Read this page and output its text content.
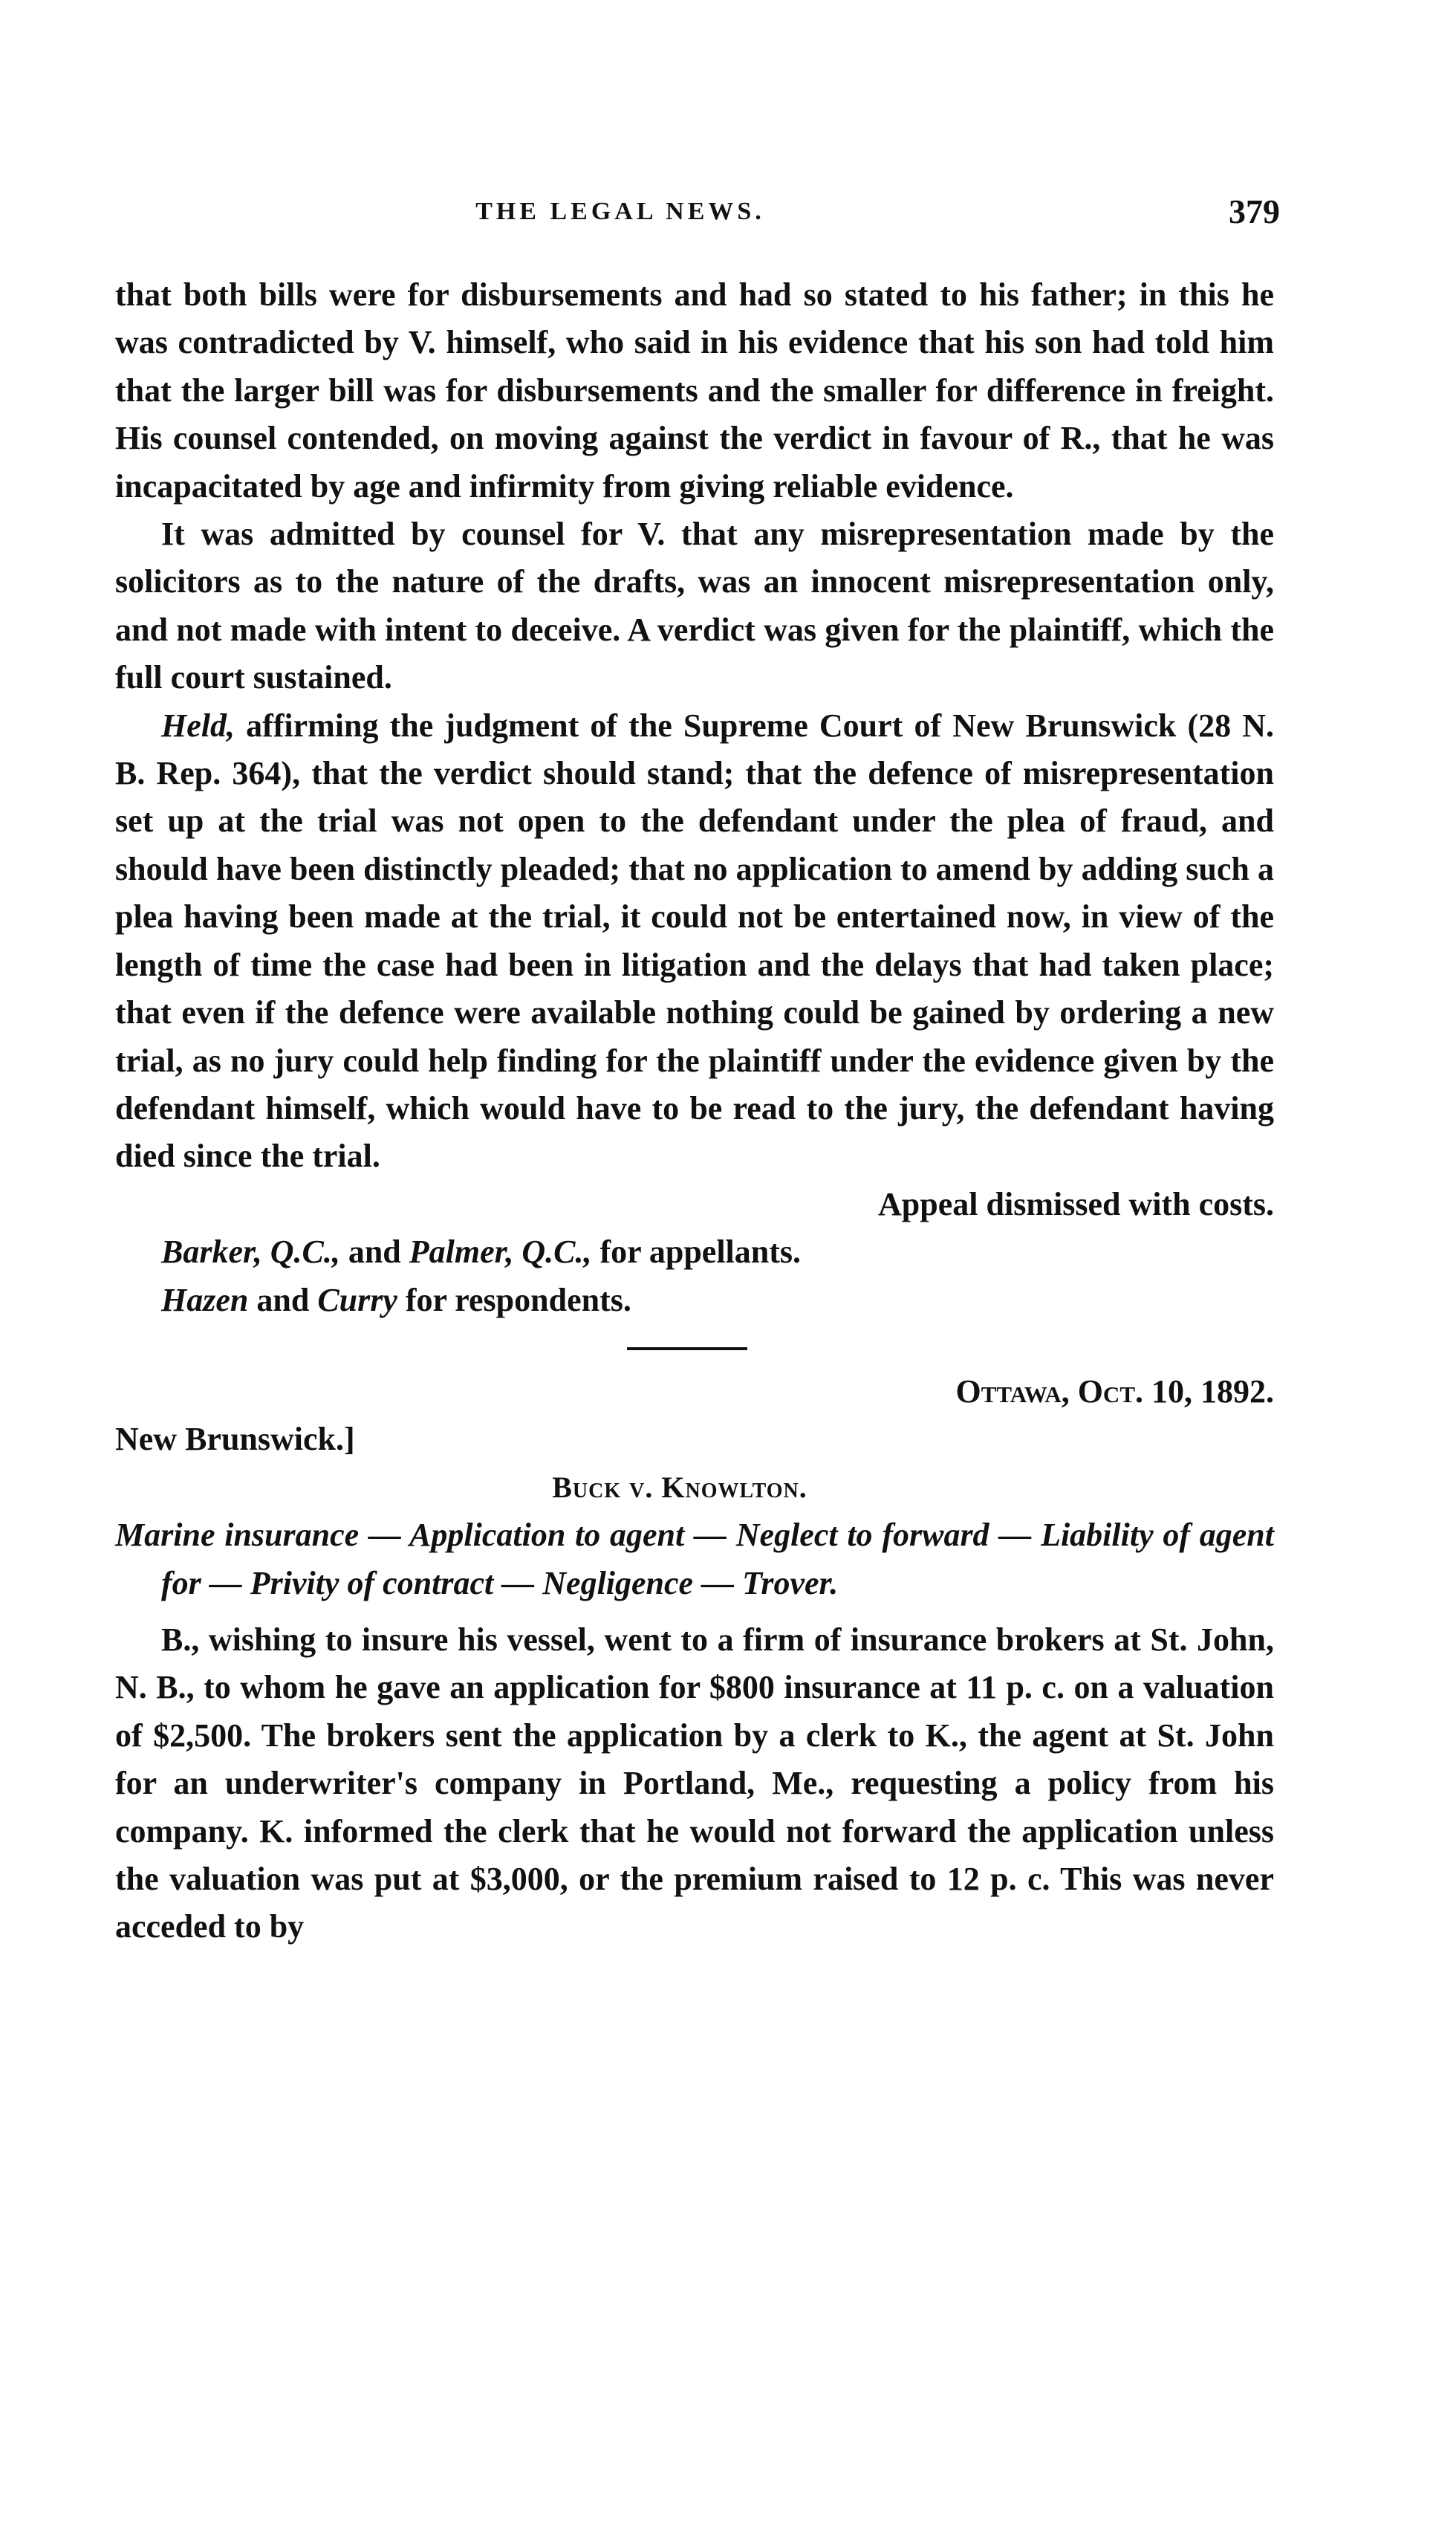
THE LEGAL NEWS.	379

that both bills were for disbursements and had so stated to his father; in this he was contradicted by V. himself, who said in his evidence that his son had told him that the larger bill was for disbursements and the smaller for difference in freight. His counsel contended, on moving against the verdict in favour of R., that he was incapacitated by age and infirmity from giving reliable evidence.

It was admitted by counsel for V. that any misrepresentation made by the solicitors as to the nature of the drafts, was an innocent misrepresentation only, and not made with intent to deceive. A verdict was given for the plaintiff, which the full court sustained.

Held, affirming the judgment of the Supreme Court of New Brunswick (28 N. B. Rep. 364), that the verdict should stand; that the defence of misrepresentation set up at the trial was not open to the defendant under the plea of fraud, and should have been distinctly pleaded; that no application to amend by adding such a plea having been made at the trial, it could not be entertained now, in view of the length of time the case had been in litigation and the delays that had taken place; that even if the defence were available nothing could be gained by ordering a new trial, as no jury could help finding for the plaintiff under the evidence given by the defendant himself, which would have to be read to the jury, the defendant having died since the trial.

Appeal dismissed with costs.

Barker, Q.C., and Palmer, Q.C., for appellants.

Hazen and Curry for respondents.

Ottawa, Oct. 10, 1892.

New Brunswick.]

Buck v. Knowlton.

Marine insurance — Application to agent — Neglect to forward — Liability of agent for — Privity of contract — Negligence — Trover.

B., wishing to insure his vessel, went to a firm of insurance brokers at St. John, N. B., to whom he gave an application for $800 insurance at 11 p. c. on a valuation of $2,500. The brokers sent the application by a clerk to K., the agent at St. John for an underwriter's company in Portland, Me., requesting a policy from his company. K. informed the clerk that he would not forward the application unless the valuation was put at $3,000, or the premium raised to 12 p. c. This was never acceded to by
